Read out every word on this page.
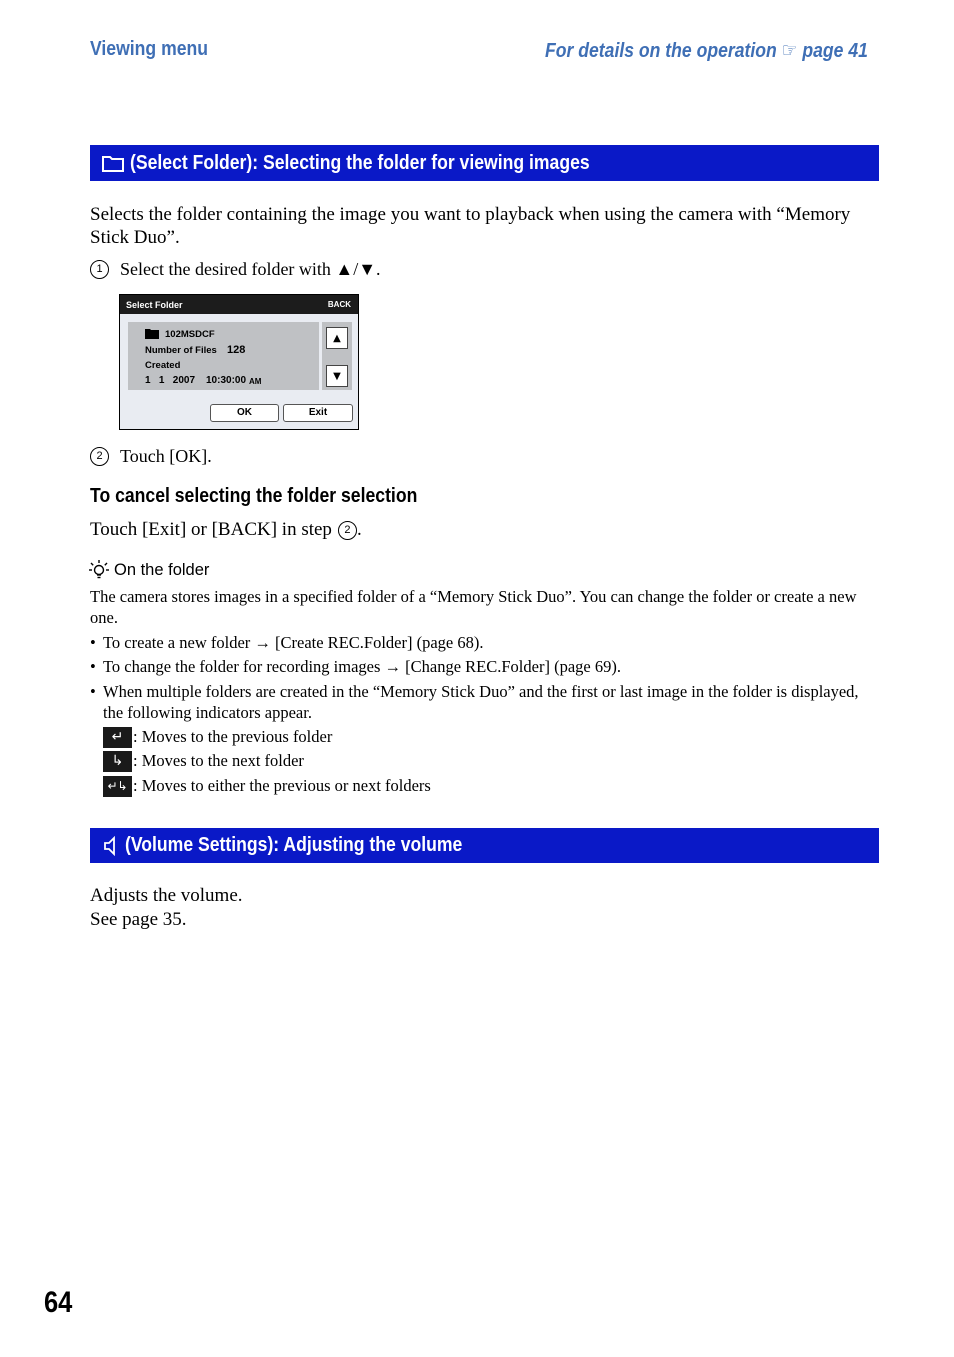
Viewing menu	For details on the operation ☞ page 41
(Select Folder): Selecting the folder for viewing images
Selects the folder containing the image you want to playback when using the camera with “Memory Stick Duo”.
1 Select the desired folder with ▲/▼.
Select Folder	BACK
102MSDCF
Number of Files 128
Created
1   1   2007 10:30:00 AM
▲
▼
OK	Exit
2 Touch [OK].
To cancel selecting the folder selection
Touch [Exit] or [BACK] in step	2 .
On the folder
The camera stores images in a specified folder of a “Memory Stick Duo”. You can change the folder or create a new one.
• To create a new folder → [Create REC.Folder] (page 68).
• To change the folder for recording images → [Change REC.Folder] (page 69).
• When multiple folders are created in the “Memory Stick Duo” and the first or last image in the folder is displayed, the following indicators appear.
↵ : Moves to the previous folder
↳ : Moves to the next folder
↵↳ : Moves to either the previous or next folders
(Volume Settings): Adjusting the volume
Adjusts the volume.
See page 35.
64
